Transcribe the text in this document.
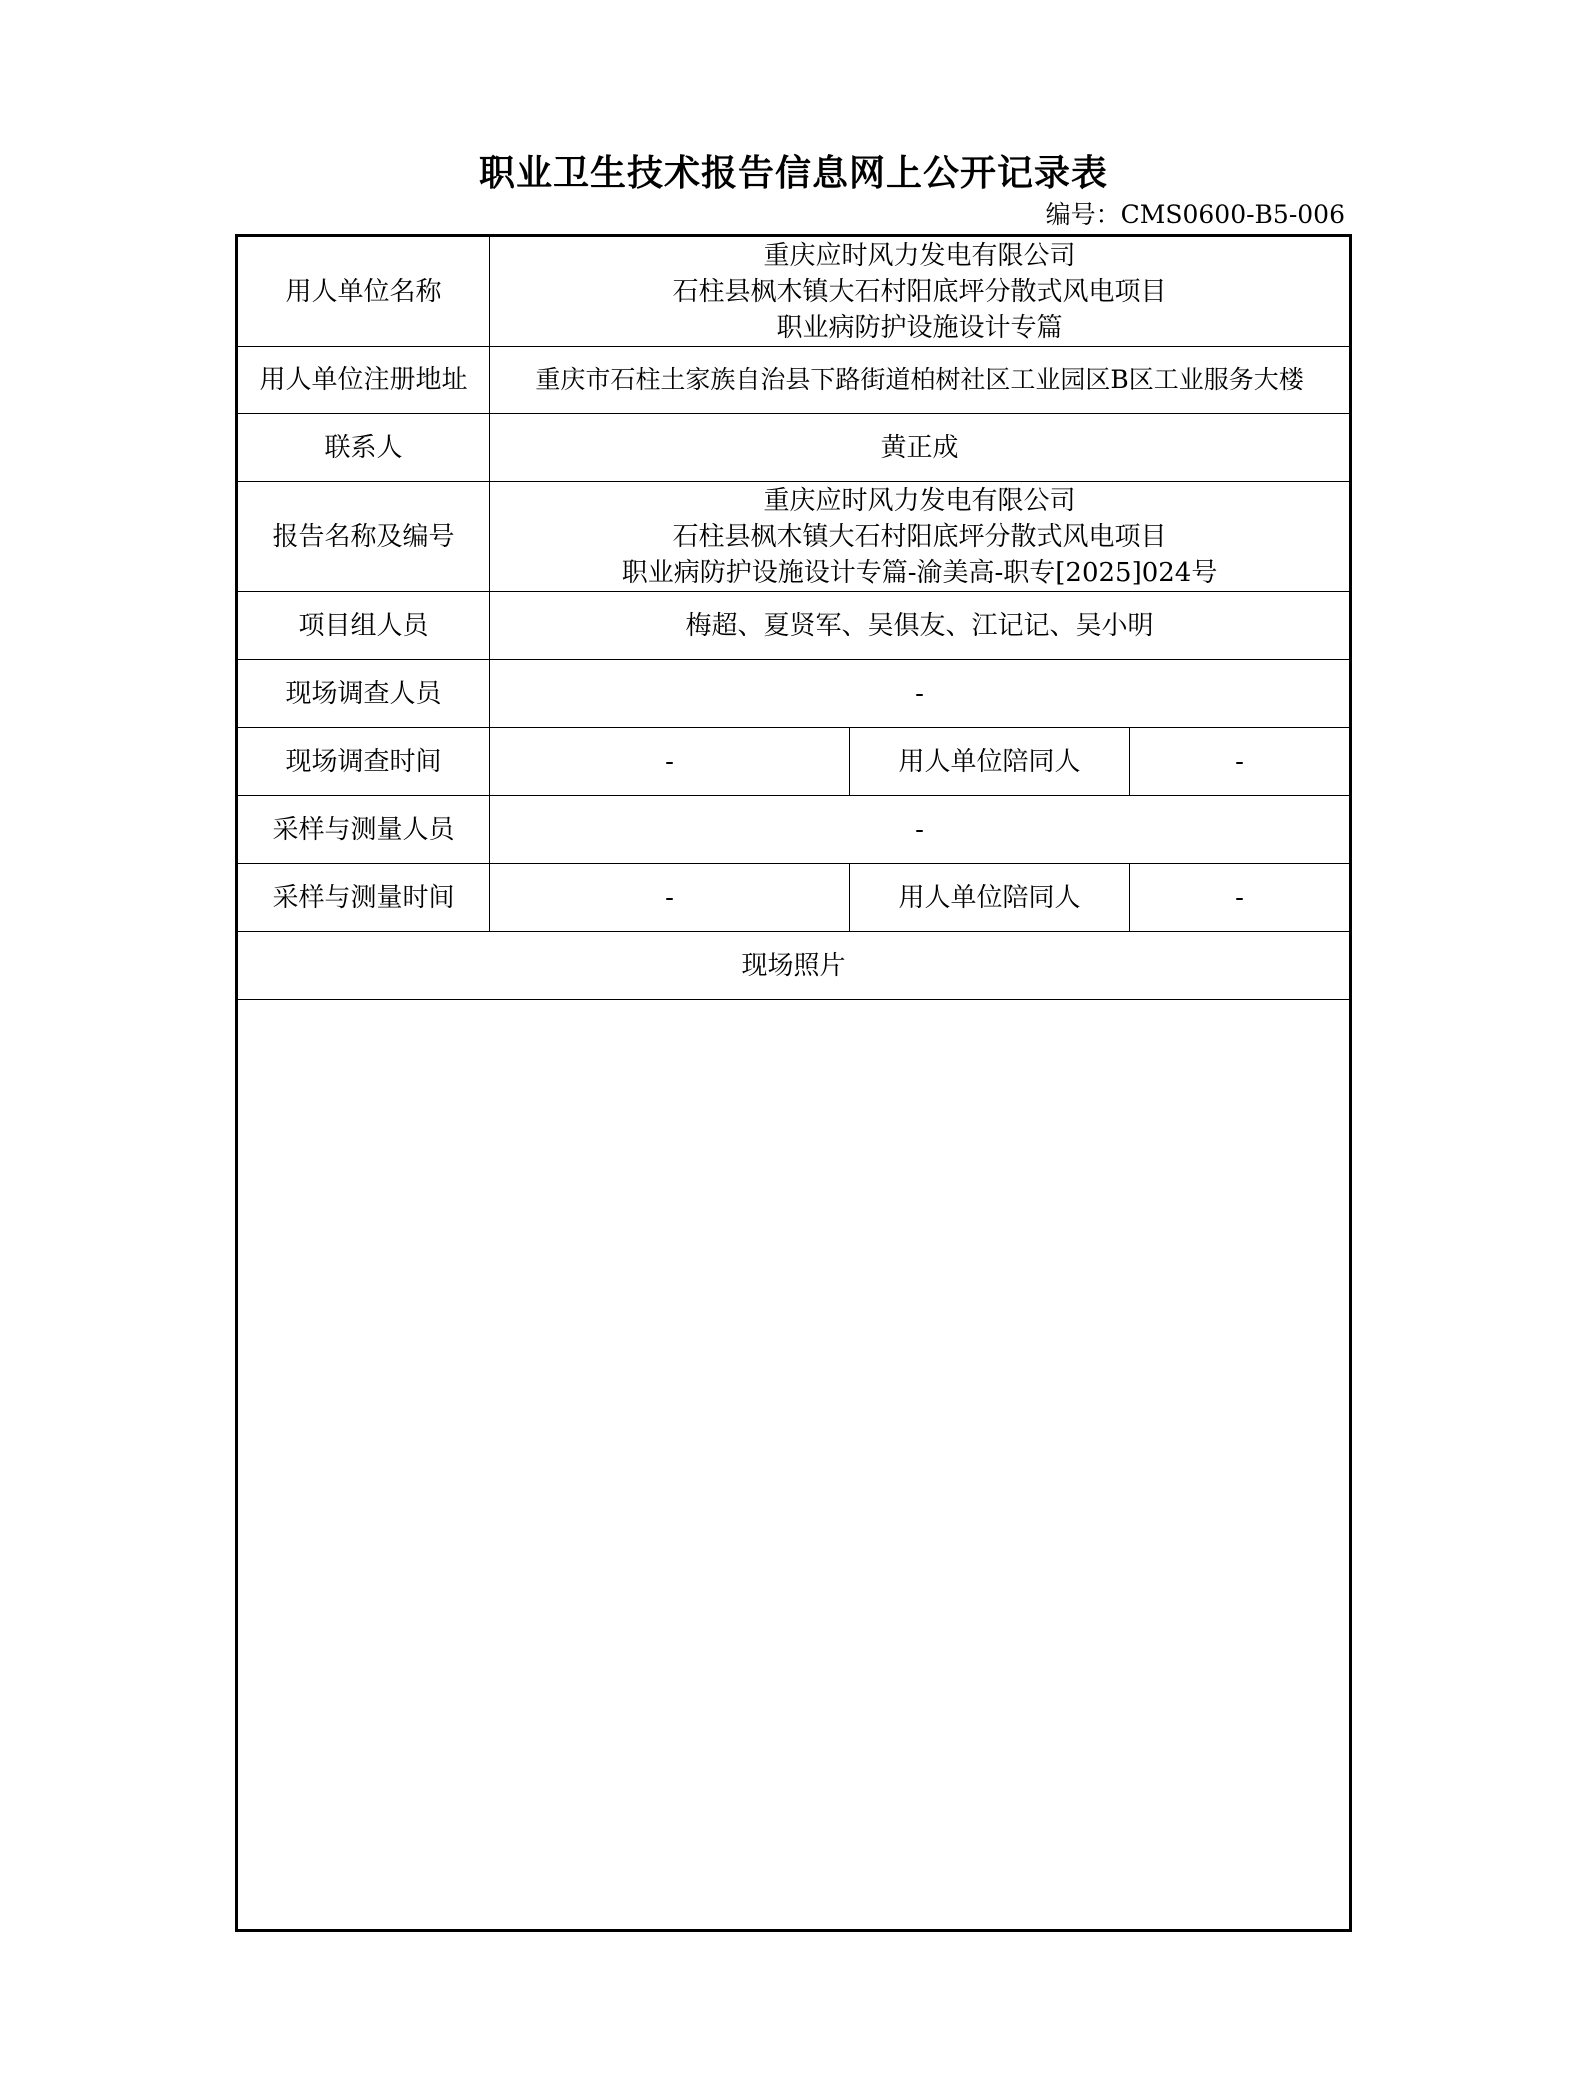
职业卫生技术报告信息网上公开记录表
编号：CMS0600-B5-006
用人单位名称	重庆应时风力发电有限公司
石柱县枫木镇大石村阳底坪分散式风电项目
职业病防护设施设计专篇		

用人单位注册地址	重庆市石柱土家族自治县下路街道柏树社区工业园区B区工业服务大楼		
联系人	黄正成		
报告名称及编号	重庆应时风力发电有限公司
石柱县枫木镇大石村阳底坪分散式风电项目
职业病防护设施设计专篇-渝美高-职专[2025]024号		

项目组人员	梅超、夏贤军、吴俱友、江记记、吴小明		
现场调查人员	-		
现场调查时间	-	用人单位陪同人	-
采样与测量人员	-		
采样与测量时间	-	用人单位陪同人	-
现场照片			
